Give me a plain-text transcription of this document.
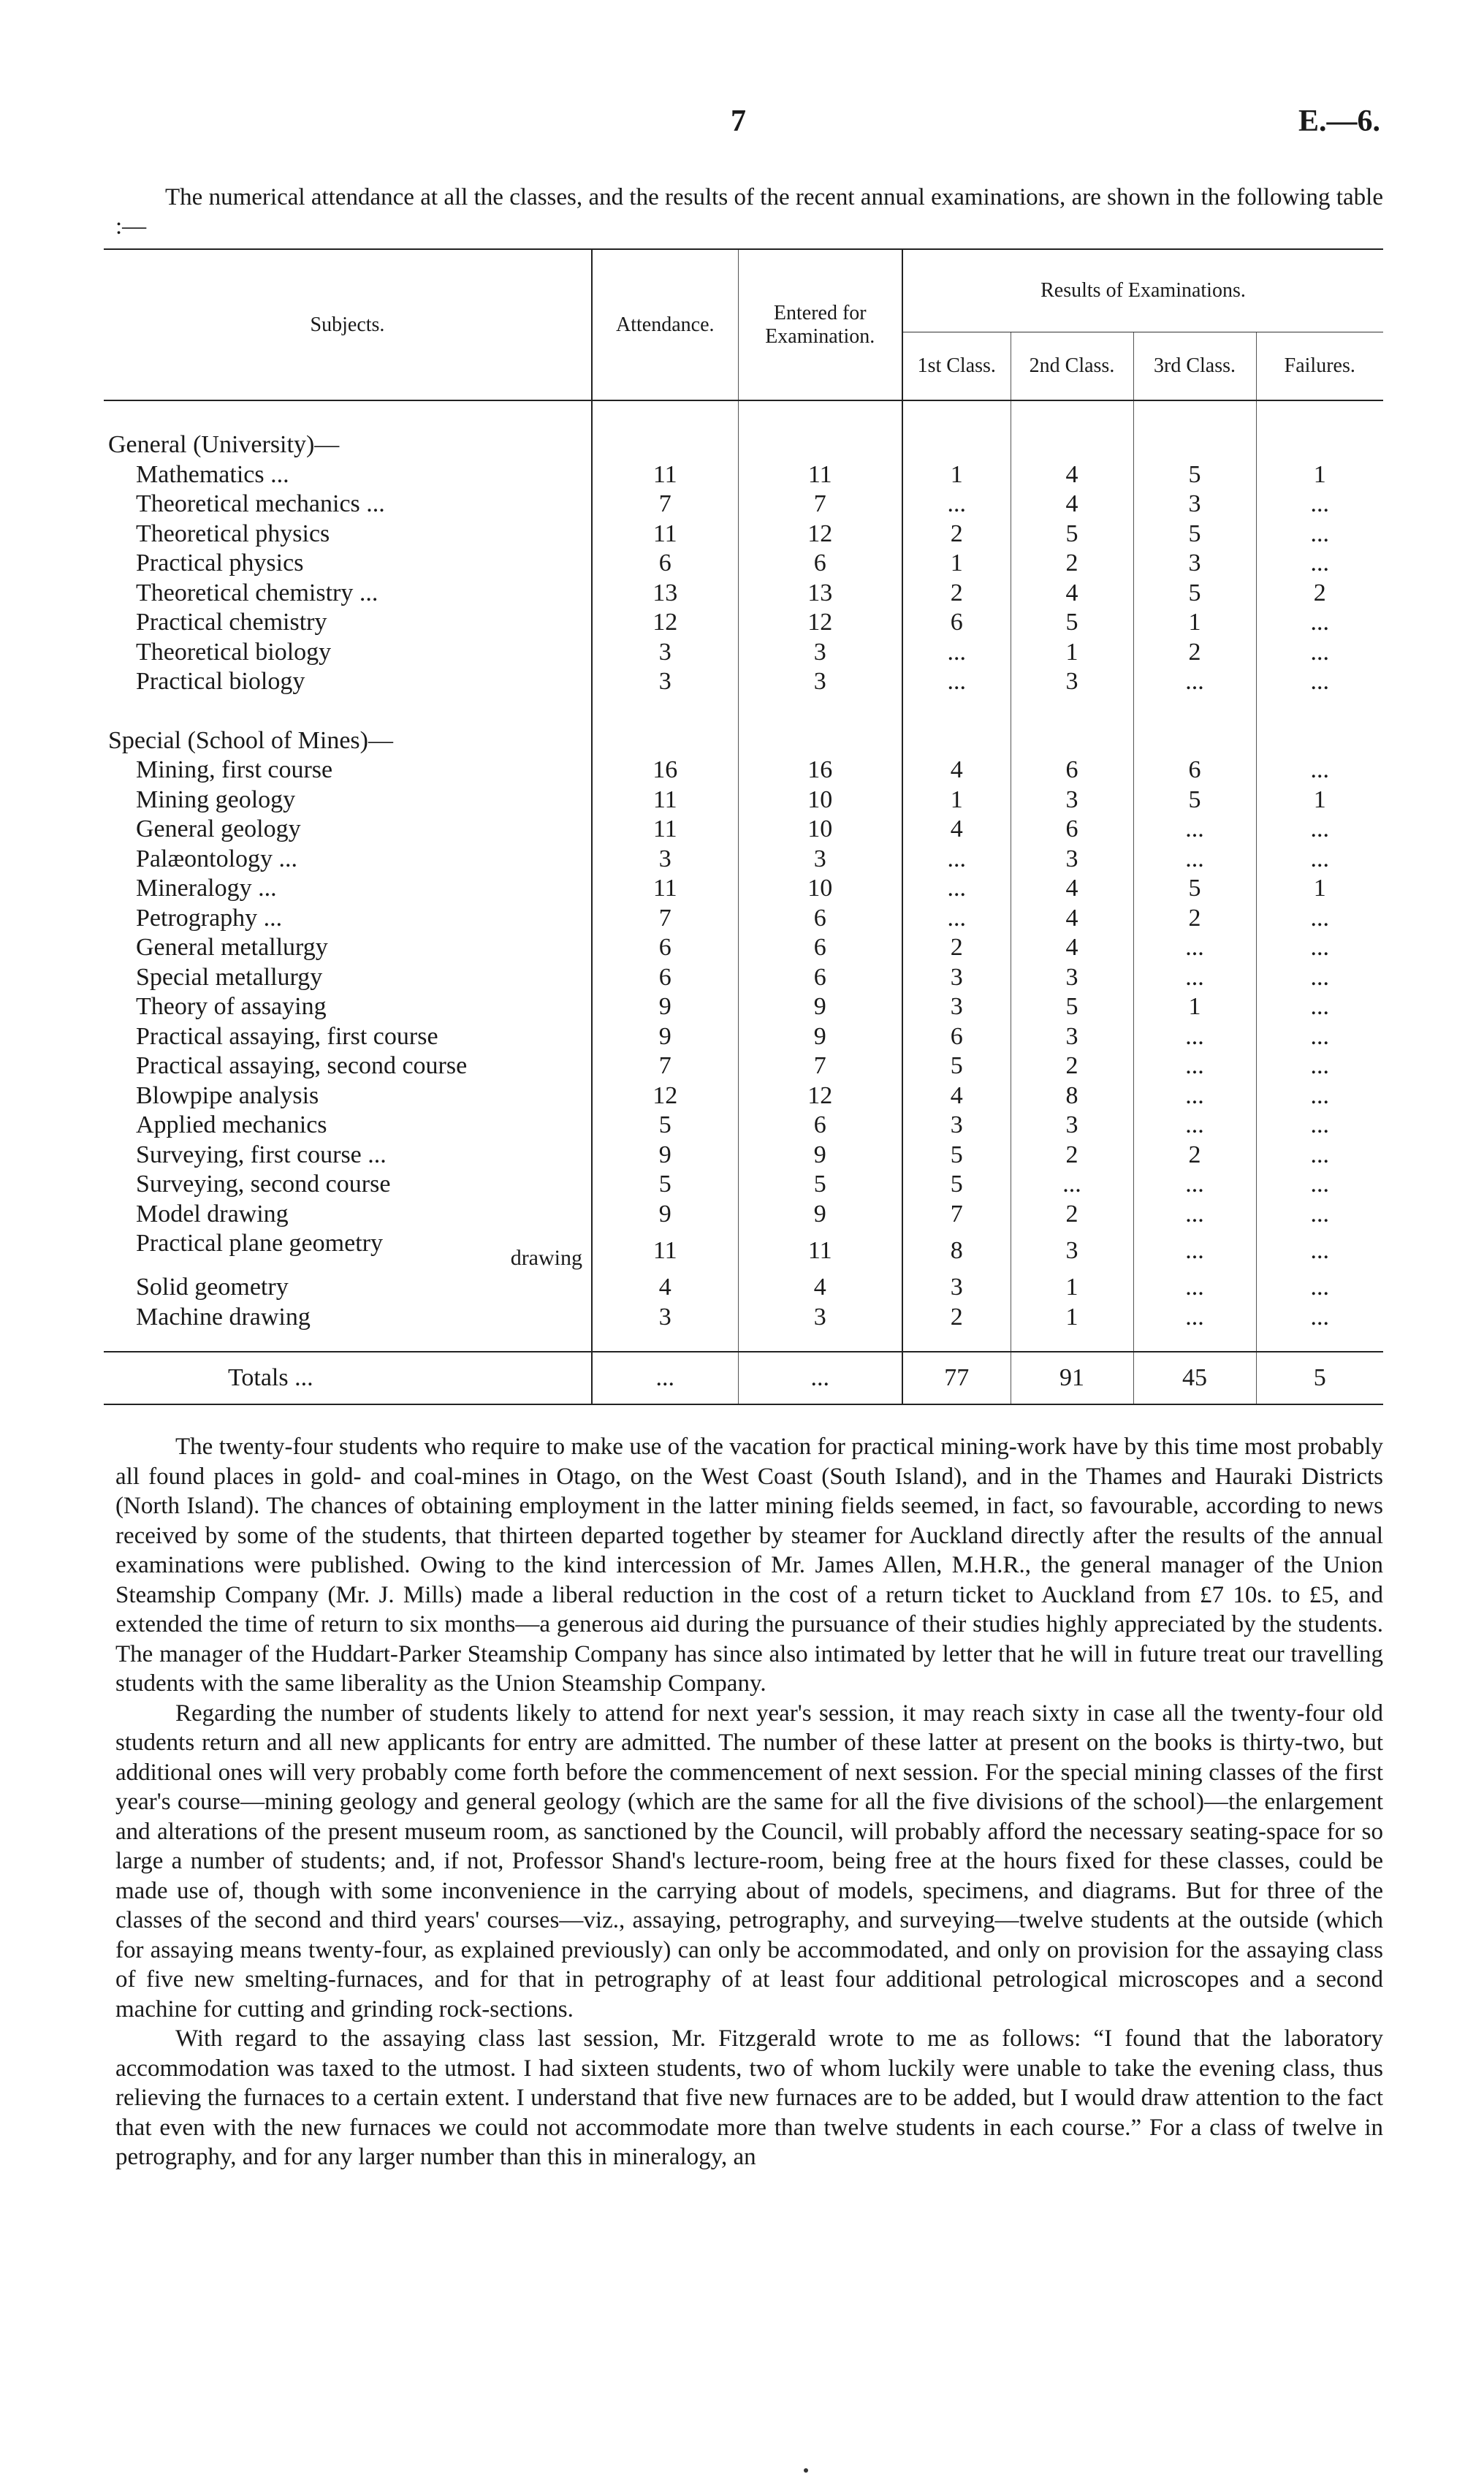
7	E.—6.
The numerical attendance at all the classes, and the results of the recent annual examinations, are shown in the following table :—
Subjects.	Attendance.	Entered for Examination.	Results of Examinations.			
			1st Class.	2nd Class.	3rd Class.	Failures.

General (University)—						
Mathematics ...	11	11	1	4	5	1
Theoretical mechanics ...	7	7	...	4	3	...
Theoretical physics	11	12	2	5	5	...
Practical physics	6	6	1	2	3	...
Theoretical chemistry ...	13	13	2	4	5	2
Practical chemistry	12	12	6	5	1	...
Theoretical biology	3	3	...	1	2	...
Practical biology	3	3	...	3	...	...

Special (School of Mines)—						
Mining, first course	16	16	4	6	6	...
Mining geology	11	10	1	3	5	1
General geology	11	10	4	6	...	...
Palæontology ...	3	3	...	3	...	...
Mineralogy ...	11	10	...	4	5	1
Petrography ...	7	6	...	4	2	...
General metallurgy	6	6	2	4	...	...
Special metallurgy	6	6	3	3	...	...
Theory of assaying	9	9	3	5	1	...
Practical assaying, first course	9	9	6	3	...	...
Practical assaying, second course	7	7	5	2	...	...
Blowpipe analysis	12	12	4	8	...	...
Applied mechanics	5	6	3	3	...	...
Surveying, first course ...	9	9	5	2	2	...
Surveying, second course	5	5	5	...	...	...
Model drawing	9	9	7	2	...	...
Practical plane geometry
drawing	11	11	8	3	...	...
Solid geometry	4	4	3	1	...	...
Machine drawing	3	3	2	1	...	...

Totals ...	...	...	77	91	45	5

The twenty-four students who require to make use of the vacation for practical mining-work have by this time most probably all found places in gold- and coal-mines in Otago, on the West Coast (South Island), and in the Thames and Hauraki Districts (North Island). The chances of obtaining employment in the latter mining fields seemed, in fact, so favourable, according to news received by some of the students, that thirteen departed together by steamer for Auckland directly after the results of the annual examinations were published. Owing to the kind intercession of Mr. James Allen, M.H.R., the general manager of the Union Steamship Company (Mr. J. Mills) made a liberal reduction in the cost of a return ticket to Auckland from £7 10s. to £5, and extended the time of return to six months—a generous aid during the pursuance of their studies highly appreciated by the students. The manager of the Huddart-Parker Steamship Company has since also intimated by letter that he will in future treat our travelling students with the same liberality as the Union Steamship Company.

Regarding the number of students likely to attend for next year's session, it may reach sixty in case all the twenty-four old students return and all new applicants for entry are admitted. The number of these latter at present on the books is thirty-two, but additional ones will very probably come forth before the commencement of next session. For the special mining classes of the first year's course—mining geology and general geology (which are the same for all the five divisions of the school)—the enlargement and alterations of the present museum room, as sanctioned by the Council, will probably afford the necessary seating-space for so large a number of students; and, if not, Professor Shand's lecture-room, being free at the hours fixed for these classes, could be made use of, though with some inconvenience in the carrying about of models, specimens, and diagrams. But for three of the classes of the second and third years' courses—viz., assaying, petrography, and surveying—twelve students at the outside (which for assaying means twenty-four, as explained previously) can only be accommodated, and only on provision for the assaying class of five new smelting-furnaces, and for that in petrography of at least four additional petrological microscopes and a second machine for cutting and grinding rock-sections.

With regard to the assaying class last session, Mr. Fitzgerald wrote to me as follows: “I found that the laboratory accommodation was taxed to the utmost. I had sixteen students, two of whom luckily were unable to take the evening class, thus relieving the furnaces to a certain extent. I understand that five new furnaces are to be added, but I would draw attention to the fact that even with the new furnaces we could not accommodate more than twelve students in each course.” For a class of twelve in petrography, and for any larger number than this in mineralogy, an
